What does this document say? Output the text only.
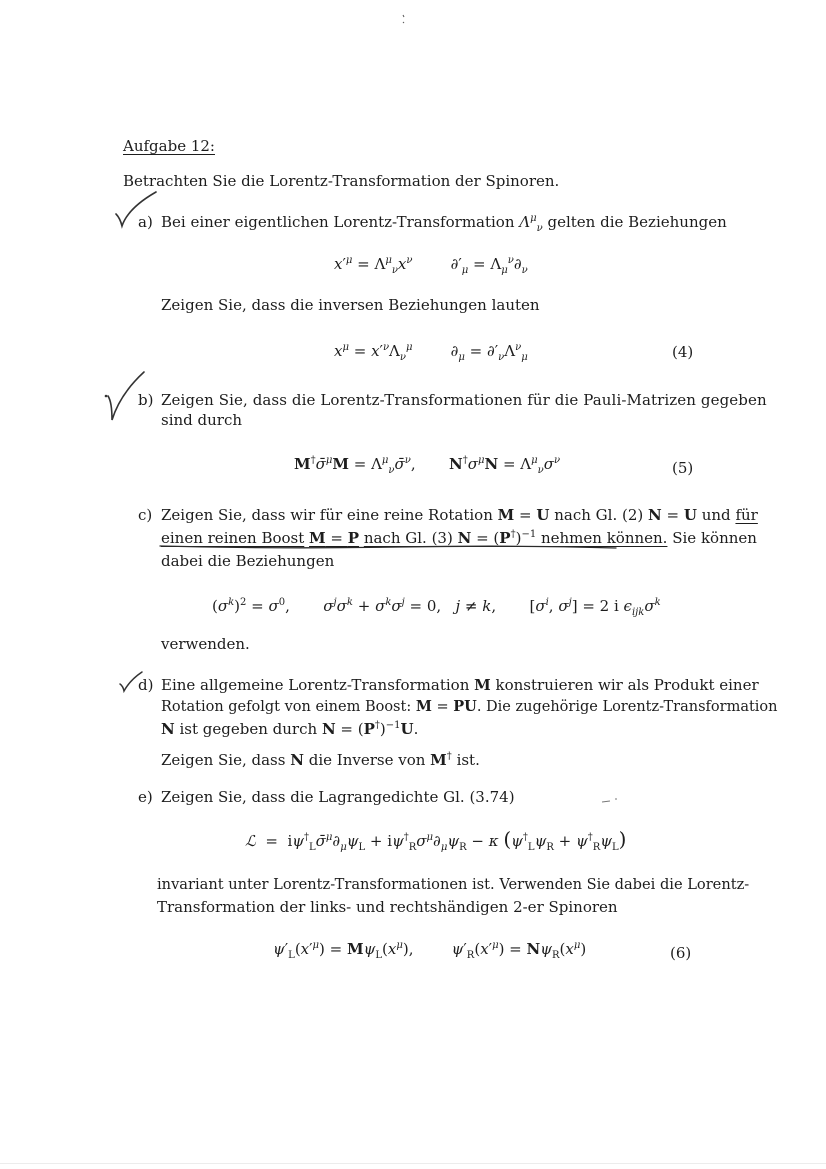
Aufgabe 12:
Betrachten Sie die Lorentz-Transformation der Spinoren.
a) Bei einer eigentlichen Lorentz-Transformation $\Lambda^\mu_\nu$ gelten die Beziehungen
$x'^\mu = \Lambda^\mu_\nu x^\nu$        $\partial'_\mu = \Lambda_\mu^\nu\partial_\nu$
Zeigen Sie, dass die inversen Beziehungen lauten
$x^\mu = x'^\nu\Lambda_\nu^\mu$        $\partial_\mu = \partial'_\nu\Lambda^\nu_\mu$	(4)
b) Zeigen Sie, dass die Lorentz-Transformationen für die Pauli-Matrizen gegeben
sind durch
M†σ̄$^\mu$M = $\Lambda^\mu_\nu\sigmā^\nu$,       $N^\dagger\sigma^\mu N = \Lambda^\mu_\nu\sigma^\nu$	(5)
c) Zeigen Sie, dass wir für eine reine Rotation M = U nach Gl. (2) N = U und für
einen reinen Boost M = P nach Gl. (3) $N = (P^\dagger)^{-1}$ nehmen können. Sie können
dabei die Beziehungen
$(\sigma^k)^2 = \sigma^0$,       $\sigma^j\sigma^k + \sigma^k\sigma^j = 0$,   j ≠ k,       [$\sigma^i$, $\sigma^j] = 2$ i $\epsilon_{ijk}\sigma^k$
verwenden.
d) Eine allgemeine Lorentz-Transformation M konstruieren wir als Produkt einer
Rotation gefolgt von einem Boost: M = PU. Die zugehörige Lorentz-Transformation
N ist gegeben durch $N = (P^\dagger)^{-1}U$.
Zeigen Sie, dass N die Inverse von M† ist.
e) Zeigen Sie, dass die Lagrangedichte Gl. (3.74)
ℒ  =  $i\psi^\dagger_L\sigmā^\mu\partial_\mu\psi_L + i\psi^\dagger_R\sigma^\mu\partial_\mu\psi_R - \kappa$ $(\psi^\dagger_L\psi_R + \psi^\dagger_R\psi_L)$
invariant unter Lorentz-Transformationen ist. Verwenden Sie dabei die Lorentz-
Transformation der links- und rechtshändigen 2-er Spinoren
$\psi'_L(x'^\mu) = M\psi_L(x^\mu)$,        $\psi'_R(x'^\mu) = N\psi_R(x^\mu)$	(6)
